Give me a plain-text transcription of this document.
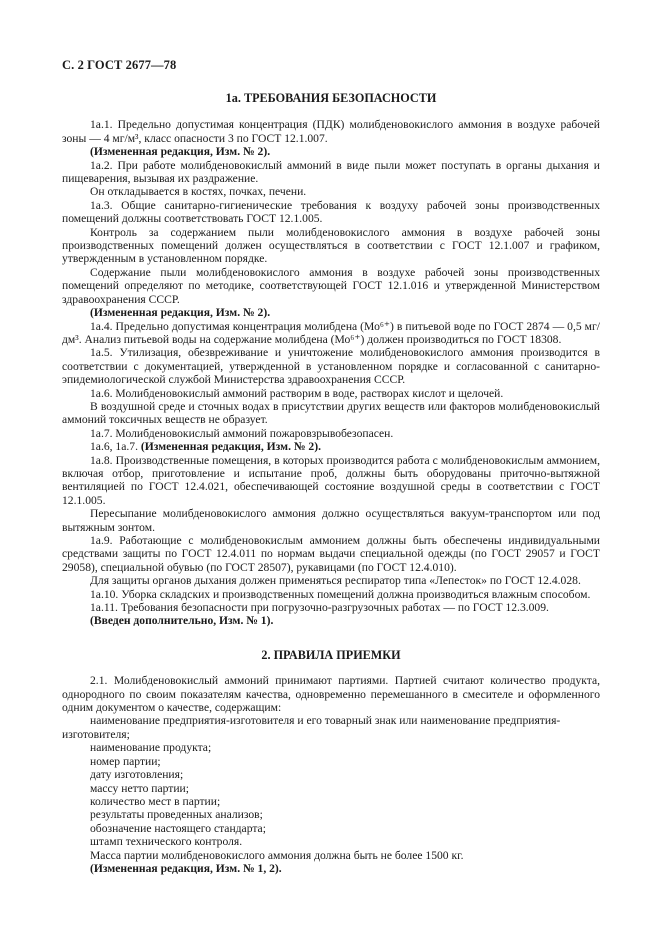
С. 2 ГОСТ 2677—78

1а. ТРЕБОВАНИЯ БЕЗОПАСНОСТИ

1а.1. Предельно допустимая концентрация (ПДК) молибденовокислого аммония в воздухе рабочей зоны — 4 мг/м³, класс опасности 3 по ГОСТ 12.1.007.

(Измененная редакция, Изм. № 2).

1а.2. При работе молибденовокислый аммоний в виде пыли может поступать в органы дыхания и пищеварения, вызывая их раздражение.

Он откладывается в костях, почках, печени.

1а.3. Общие санитарно-гигиенические требования к воздуху рабочей зоны производственных помещений должны соответствовать ГОСТ 12.1.005.

Контроль за содержанием пыли молибденовокислого аммония в воздухе рабочей зоны производственных помещений должен осуществляться в соответствии с ГОСТ 12.1.007 и графиком, утвержденным в установленном порядке.

Содержание пыли молибденовокислого аммония в воздухе рабочей зоны производственных помещений определяют по методике, соответствующей ГОСТ 12.1.016 и утвержденной Министерством здравоохранения СССР.

(Измененная редакция, Изм. № 2).

1а.4. Предельно допустимая концентрация молибдена (Мо⁶⁺) в питьевой воде по ГОСТ 2874 — 0,5 мг/дм³. Анализ питьевой воды на содержание молибдена (Мо⁶⁺) должен производиться по ГОСТ 18308.

1а.5. Утилизация, обезвреживание и уничтожение молибденовокислого аммония производится в соответствии с документацией, утвержденной в установленном порядке и согласованной с санитарно-эпидемиологической службой Министерства здравоохранения СССР.

1а.6. Молибденовокислый аммоний растворим в воде, растворах кислот и щелочей.

В воздушной среде и сточных водах в присутствии других веществ или факторов молибденовокислый аммоний токсичных веществ не образует.

1а.7. Молибденовокислый аммоний пожаровзрывобезопасен.

1а.6, 1а.7. (Измененная редакция, Изм. № 2).

1а.8. Производственные помещения, в которых производится работа с молибденовокислым аммонием, включая отбор, приготовление и испытание проб, должны быть оборудованы приточно-вытяжной вентиляцией по ГОСТ 12.4.021, обеспечивающей состояние воздушной среды в соответствии с ГОСТ 12.1.005.

Пересыпание молибденовокислого аммония должно осуществляться вакуум-транспортом или под вытяжным зонтом.

1а.9. Работающие с молибденовокислым аммонием должны быть обеспечены индивидуальными средствами защиты по ГОСТ 12.4.011 по нормам выдачи специальной одежды (по ГОСТ 29057 и ГОСТ 29058), специальной обувью (по ГОСТ 28507), рукавицами (по ГОСТ 12.4.010).

Для защиты органов дыхания должен применяться респиратор типа «Лепесток» по ГОСТ 12.4.028.

1а.10. Уборка складских и производственных помещений должна производиться влажным способом.

1а.11. Требования безопасности при погрузочно-разгрузочных работах — по ГОСТ 12.3.009.

(Введен дополнительно, Изм. № 1).

2. ПРАВИЛА ПРИЕМКИ

2.1. Молибденовокислый аммоний принимают партиями. Партией считают количество продукта, однородного по своим показателям качества, одновременно перемешанного в смесителе и оформленного одним документом о качестве, содержащим:

наименование предприятия-изготовителя и его товарный знак или наименование предприятия-изготовителя;

наименование продукта;

номер партии;

дату изготовления;

массу нетто партии;

количество мест в партии;

результаты проведенных анализов;

обозначение настоящего стандарта;

штамп технического контроля.

Масса партии молибденовокислого аммония должна быть не более 1500 кг.

(Измененная редакция, Изм. № 1, 2).
